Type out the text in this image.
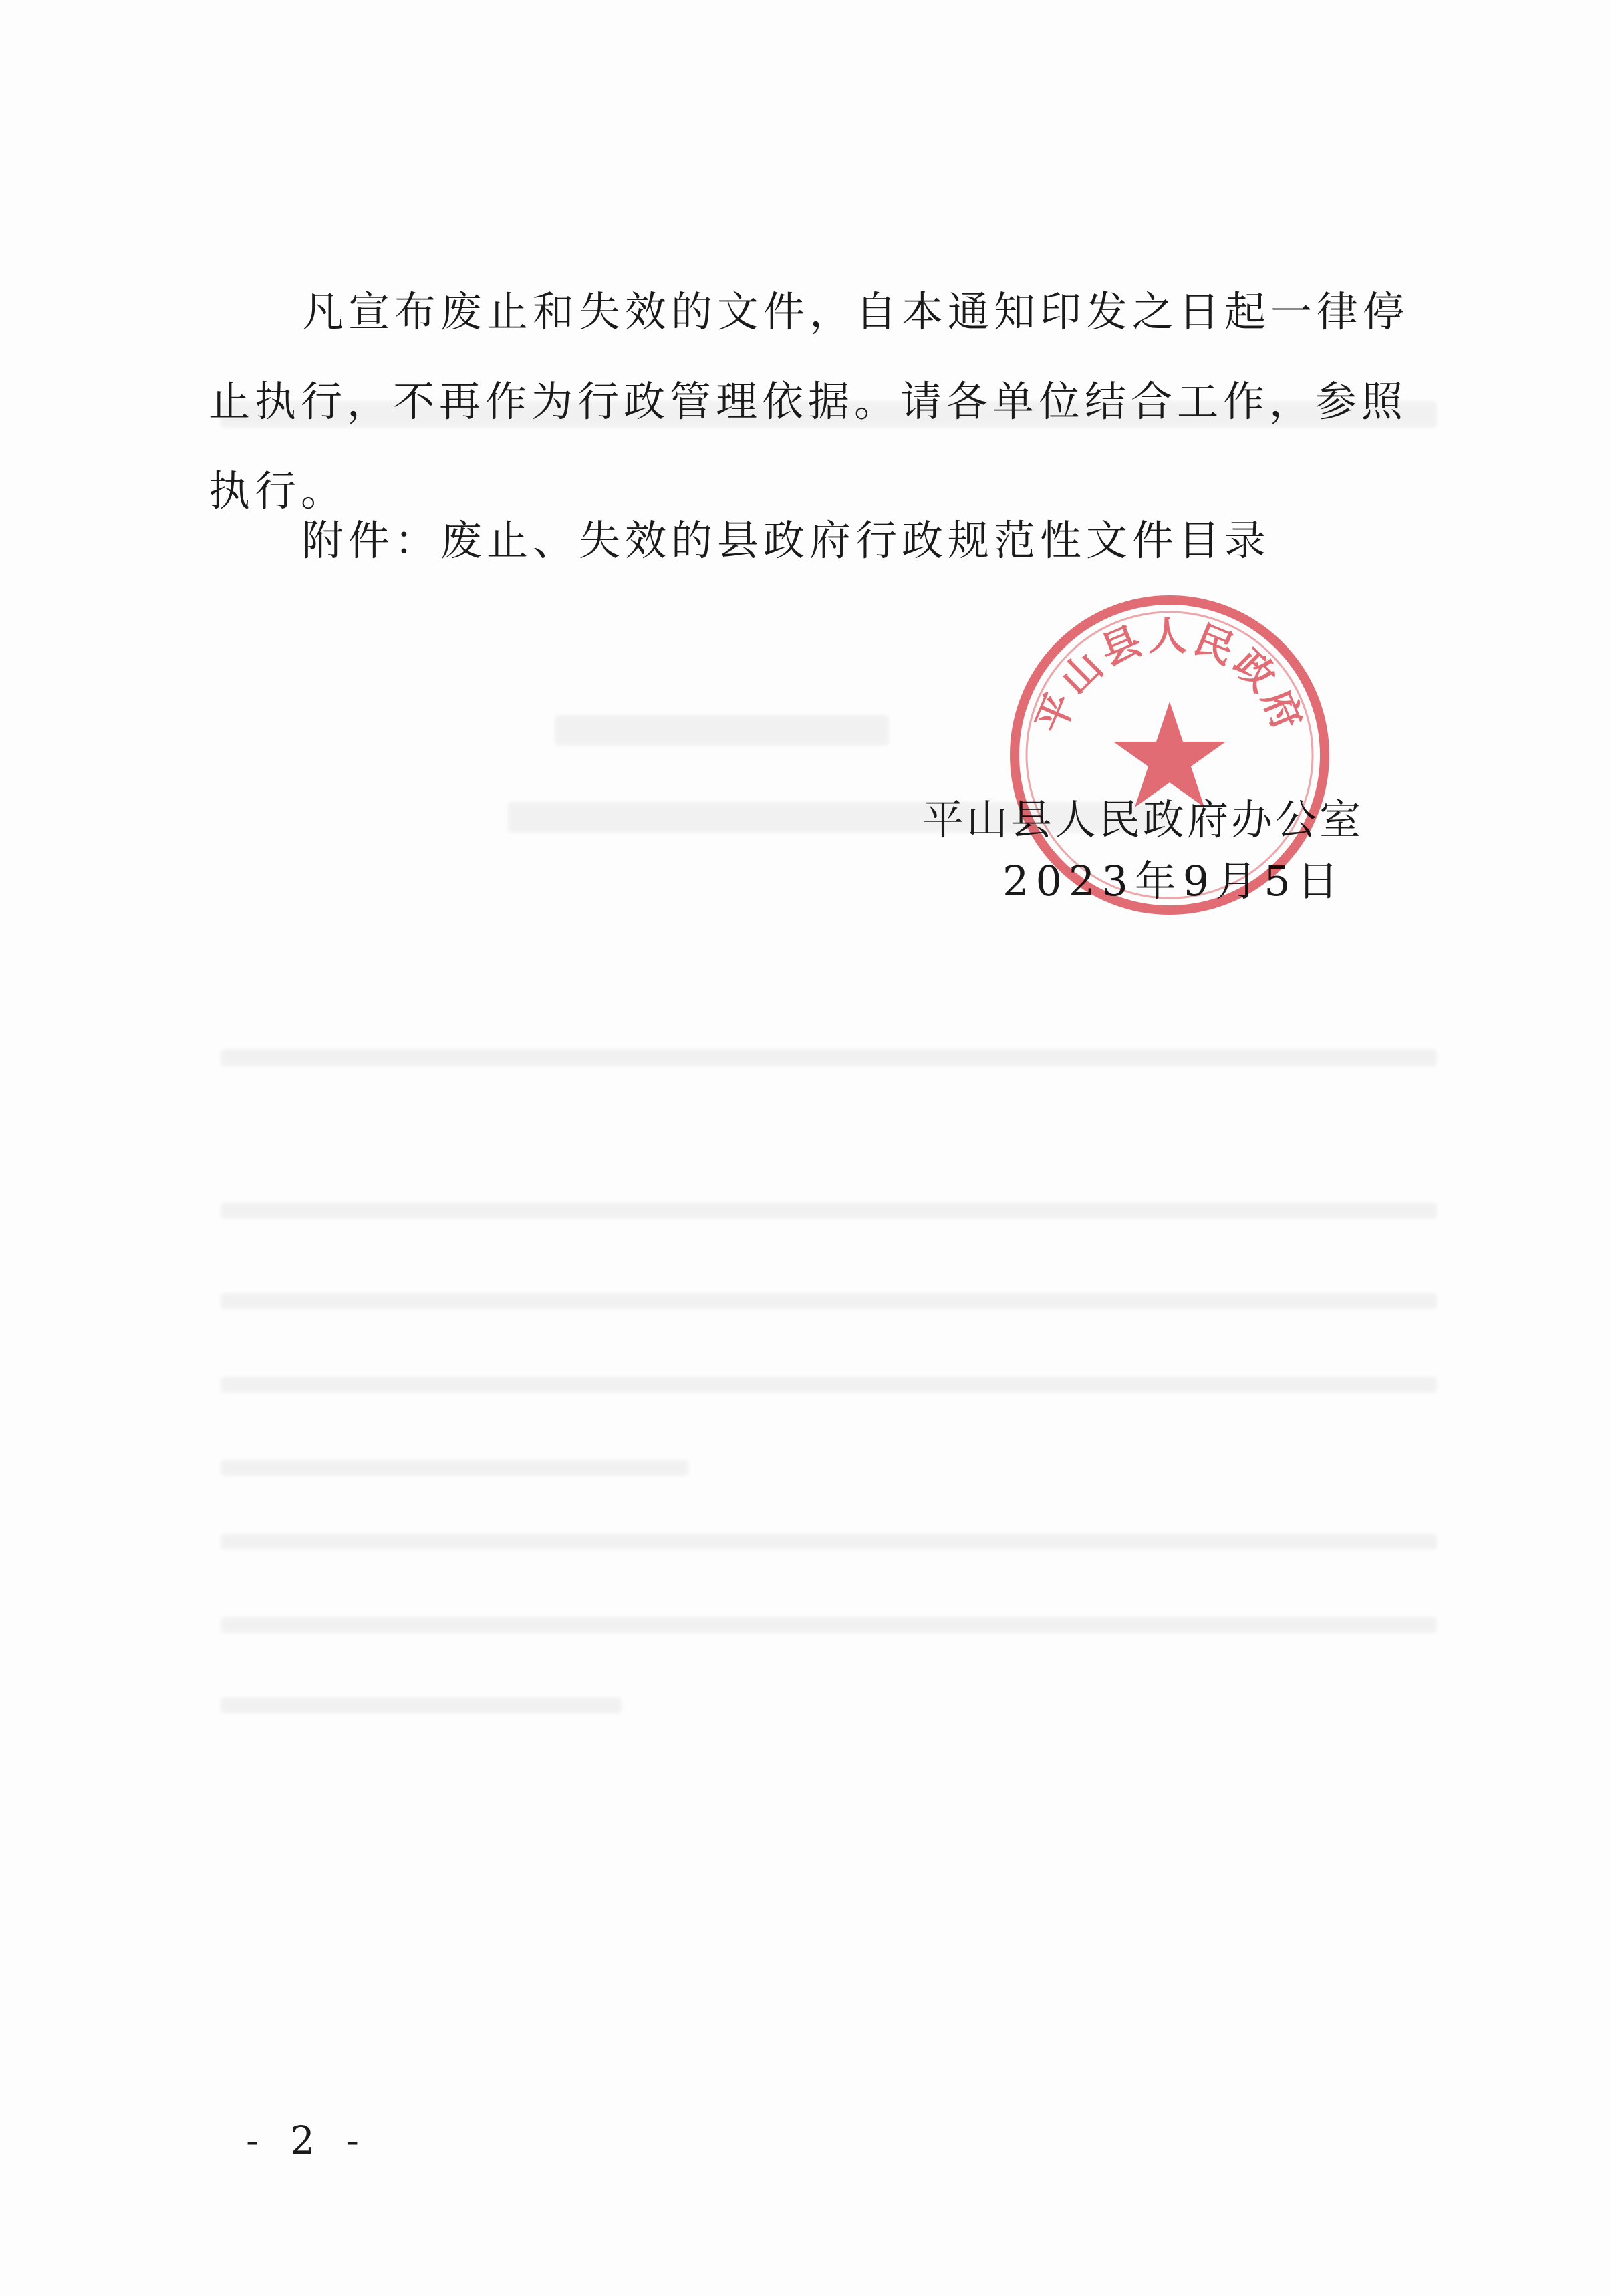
凡宣布废止和失效的文件，自本通知印发之日起一律停止执行，不再作为行政管理依据。请各单位结合工作，参照执行。

附件：废止、失效的县政府行政规范性文件目录

平山县人民政府办公室
2023年9月5日
平山县人民政府
- 2 -
